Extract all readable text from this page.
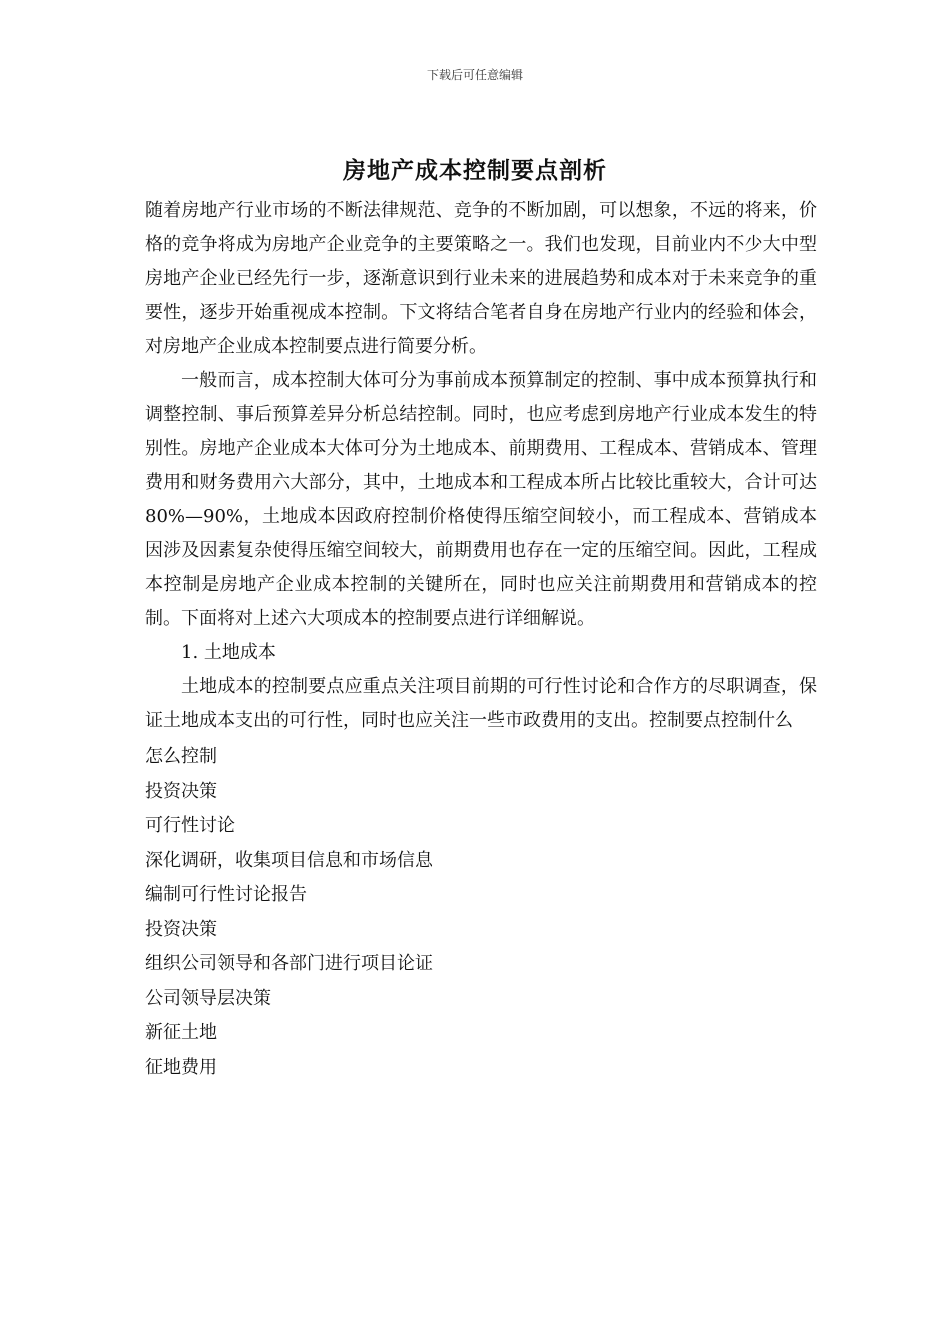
下载后可任意编辑
房地产成本控制要点剖析

随着房地产行业市场的不断法律规范、竞争的不断加剧，可以想象，不远的将来，价格的竞争将成为房地产企业竞争的主要策略之一。我们也发现，目前业内不少大中型房地产企业已经先行一步，逐渐意识到行业未来的进展趋势和成本对于未来竞争的重要性，逐步开始重视成本控制。下文将结合笔者自身在房地产行业内的经验和体会，对房地产企业成本控制要点进行简要分析。

一般而言，成本控制大体可分为事前成本预算制定的控制、事中成本预算执行和调整控制、事后预算差异分析总结控制。同时，也应考虑到房地产行业成本发生的特别性。房地产企业成本大体可分为土地成本、前期费用、工程成本、营销成本、管理费用和财务费用六大部分，其中，土地成本和工程成本所占比较比重较大，合计可达80%—90%，土地成本因政府控制价格使得压缩空间较小，而工程成本、营销成本因涉及因素复杂使得压缩空间较大，前期费用也存在一定的压缩空间。因此，工程成本控制是房地产企业成本控制的关键所在，同时也应关注前期费用和营销成本的控制。下面将对上述六大项成本的控制要点进行详细解说。

1. 土地成本

土地成本的控制要点应重点关注项目前期的可行性讨论和合作方的尽职调查，保证土地成本支出的可行性，同时也应关注一些市政费用的支出。控制要点控制什么

怎么控制

投资决策

可行性讨论

深化调研，收集项目信息和市场信息

编制可行性讨论报告

投资决策

组织公司领导和各部门进行项目论证

公司领导层决策

新征土地

征地费用
